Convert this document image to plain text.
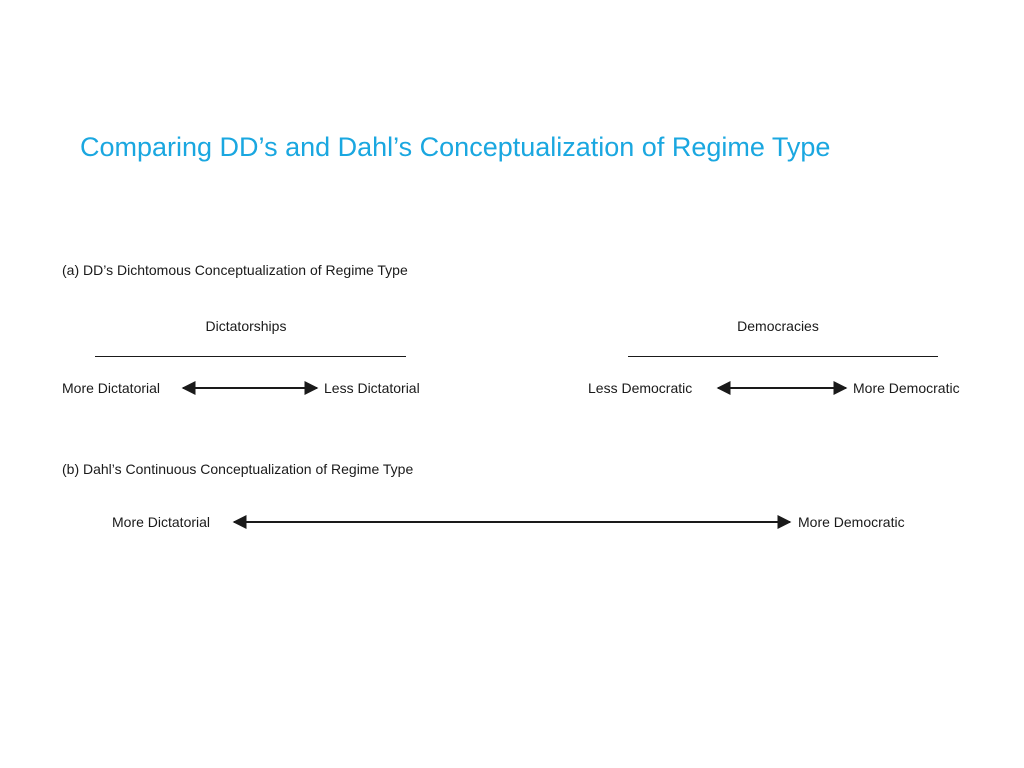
Comparing DD’s and Dahl’s Conceptualization of Regime Type
(a) DD’s Dichtomous Conceptualization of Regime Type
Dictatorships
More Dictatorial	Less Dictatorial
Democracies
Less Democratic	More Democratic
(b) Dahl’s Continuous Conceptualization of Regime Type
More Dictatorial	More Democratic
